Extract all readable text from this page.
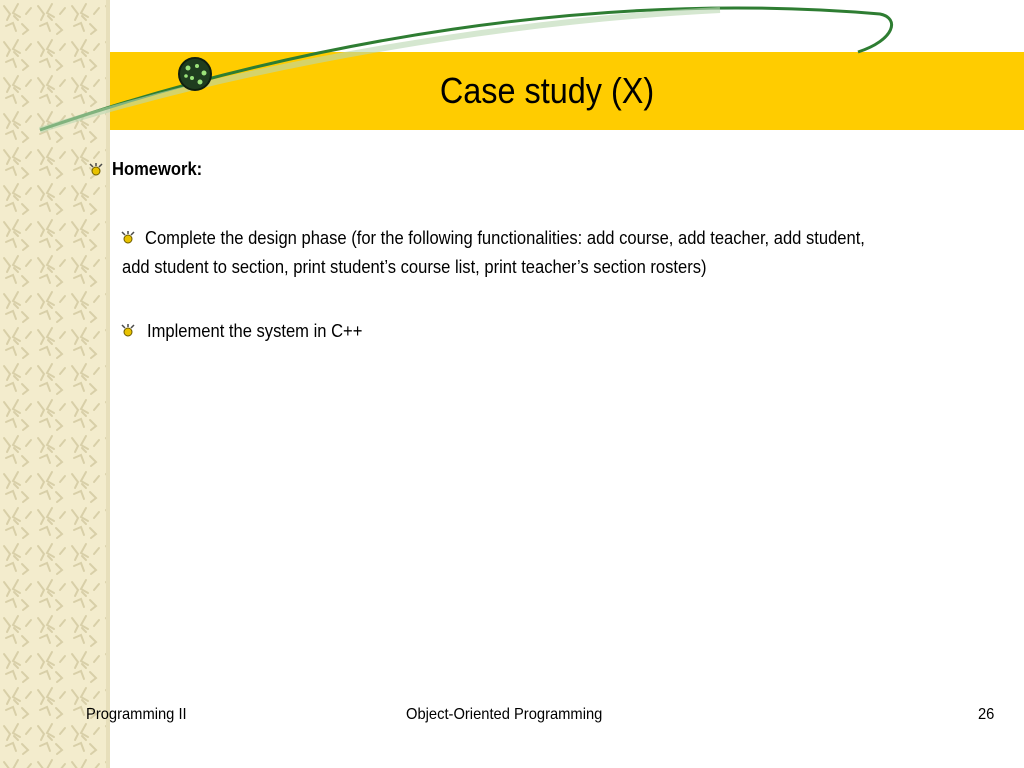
Case study (X)
Homework:
Complete the design phase (for the following functionalities: add course, add teacher, add student,
add student to section, print student’s course list, print teacher’s section rosters)
Implement the system in C++
Programming II	Object-Oriented Programming	26
